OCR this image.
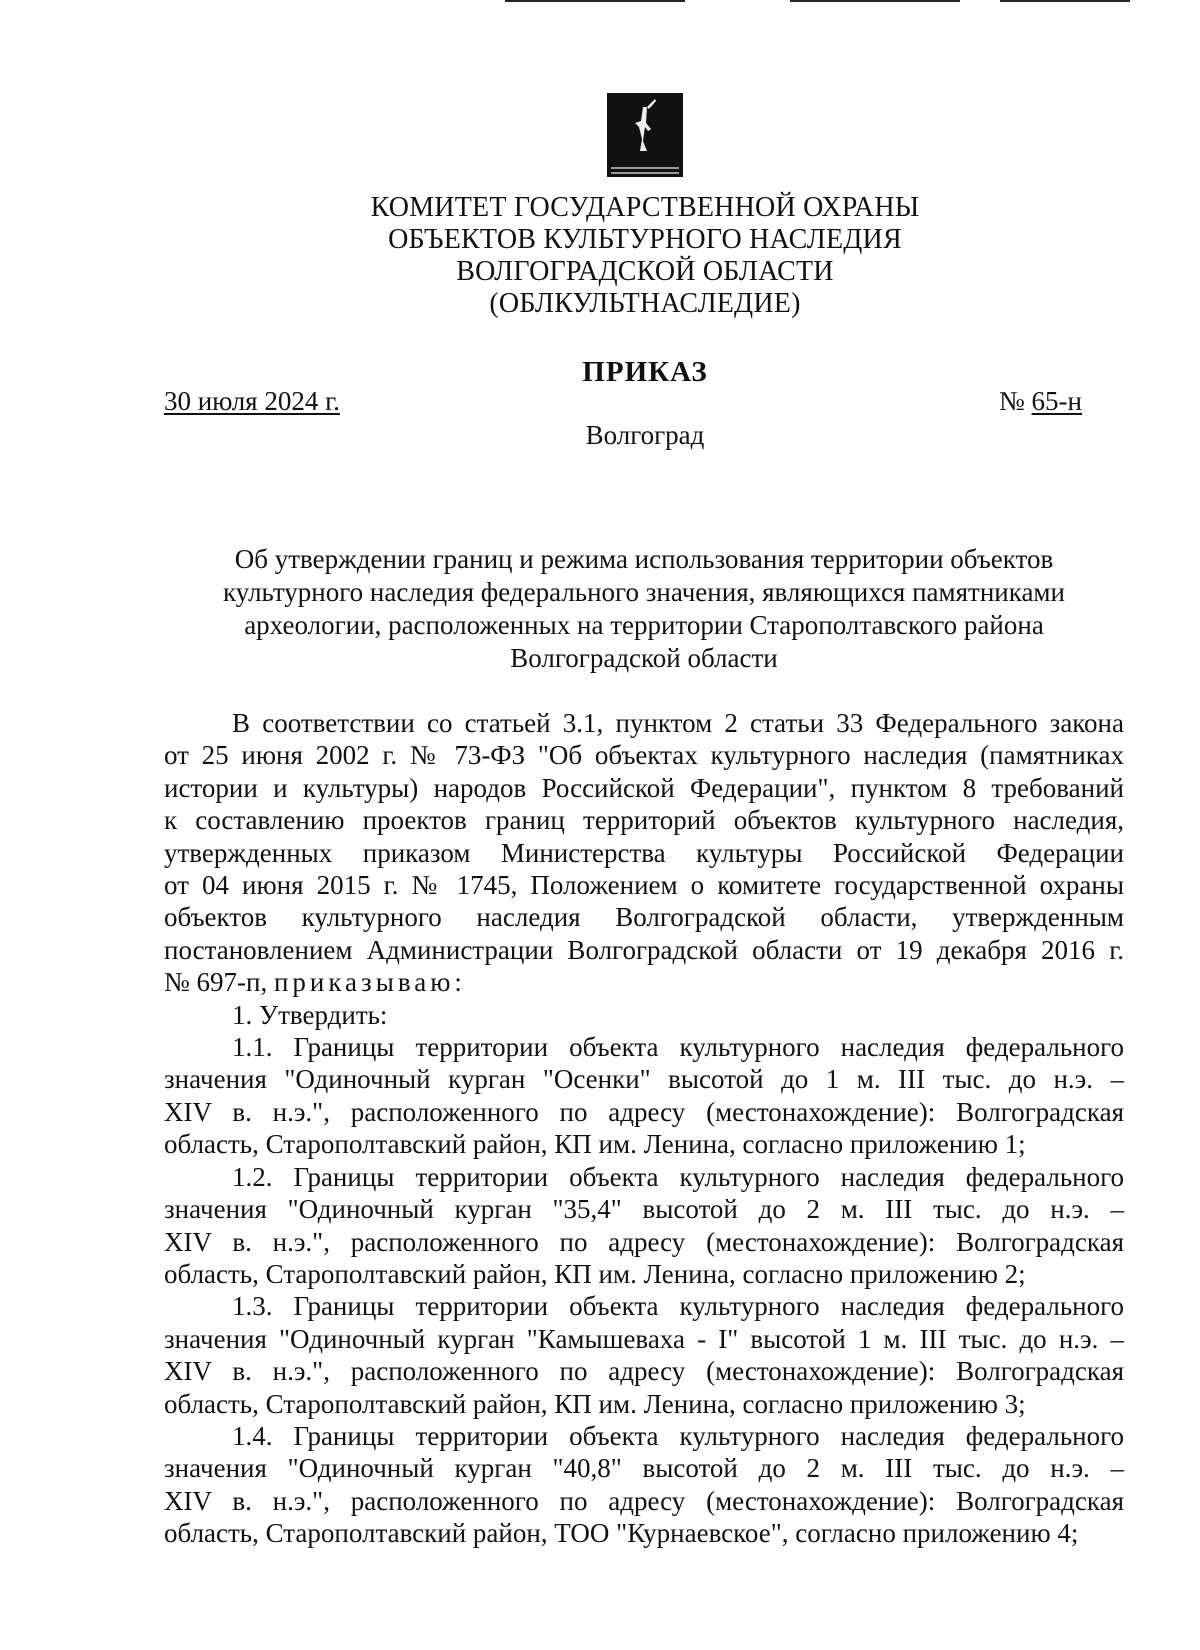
КОМИТЕТ ГОСУДАРСТВЕННОЙ ОХРАНЫ
ОБЪЕКТОВ КУЛЬТУРНОГО НАСЛЕДИЯ
ВОЛГОГРАДСКОЙ ОБЛАСТИ
(ОБЛКУЛЬТНАСЛЕДИЕ)
ПРИКАЗ
30 июля 2024 г.	№ 65-н
Волгоград
Об утверждении границ и режима использования территории объектов
культурного наследия федерального значения, являющихся памятниками
археологии, расположенных на территории Старополтавского района
Волгоградской области
В соответствии со статьей 3.1, пунктом 2 статьи 33 Федерального закона
от 25 июня 2002 г. № 73-ФЗ "Об объектах культурного наследия (памятниках
истории и культуры) народов Российской Федерации", пунктом 8 требований
к составлению проектов границ территорий объектов культурного наследия,
утвержденных приказом Министерства культуры Российской Федерации
от 04 июня 2015 г. № 1745, Положением о комитете государственной охраны
объектов культурного наследия Волгоградской области, утвержденным
постановлением Администрации Волгоградской области от 19 декабря 2016 г.
№ 697-п, приказываю:
1. Утвердить:
1.1. Границы территории объекта культурного наследия федерального
значения "Одиночный курган "Осенки" высотой до 1 м. III тыс. до н.э. –
XIV в. н.э.", расположенного по адресу (местонахождение): Волгоградская
область, Старополтавский район, КП им. Ленина, согласно приложению 1;
1.2. Границы территории объекта культурного наследия федерального
значения "Одиночный курган "35,4" высотой до 2 м. III тыс. до н.э. –
XIV в. н.э.", расположенного по адресу (местонахождение): Волгоградская
область, Старополтавский район, КП им. Ленина, согласно приложению 2;
1.3. Границы территории объекта культурного наследия федерального
значения "Одиночный курган "Камышеваха - I" высотой 1 м. III тыс. до н.э. –
XIV в. н.э.", расположенного по адресу (местонахождение): Волгоградская
область, Старополтавский район, КП им. Ленина, согласно приложению 3;
1.4. Границы территории объекта культурного наследия федерального
значения "Одиночный курган "40,8" высотой до 2 м. III тыс. до н.э. –
XIV в. н.э.", расположенного по адресу (местонахождение): Волгоградская
область, Старополтавский район, ТОО "Курнаевское", согласно приложению 4;
